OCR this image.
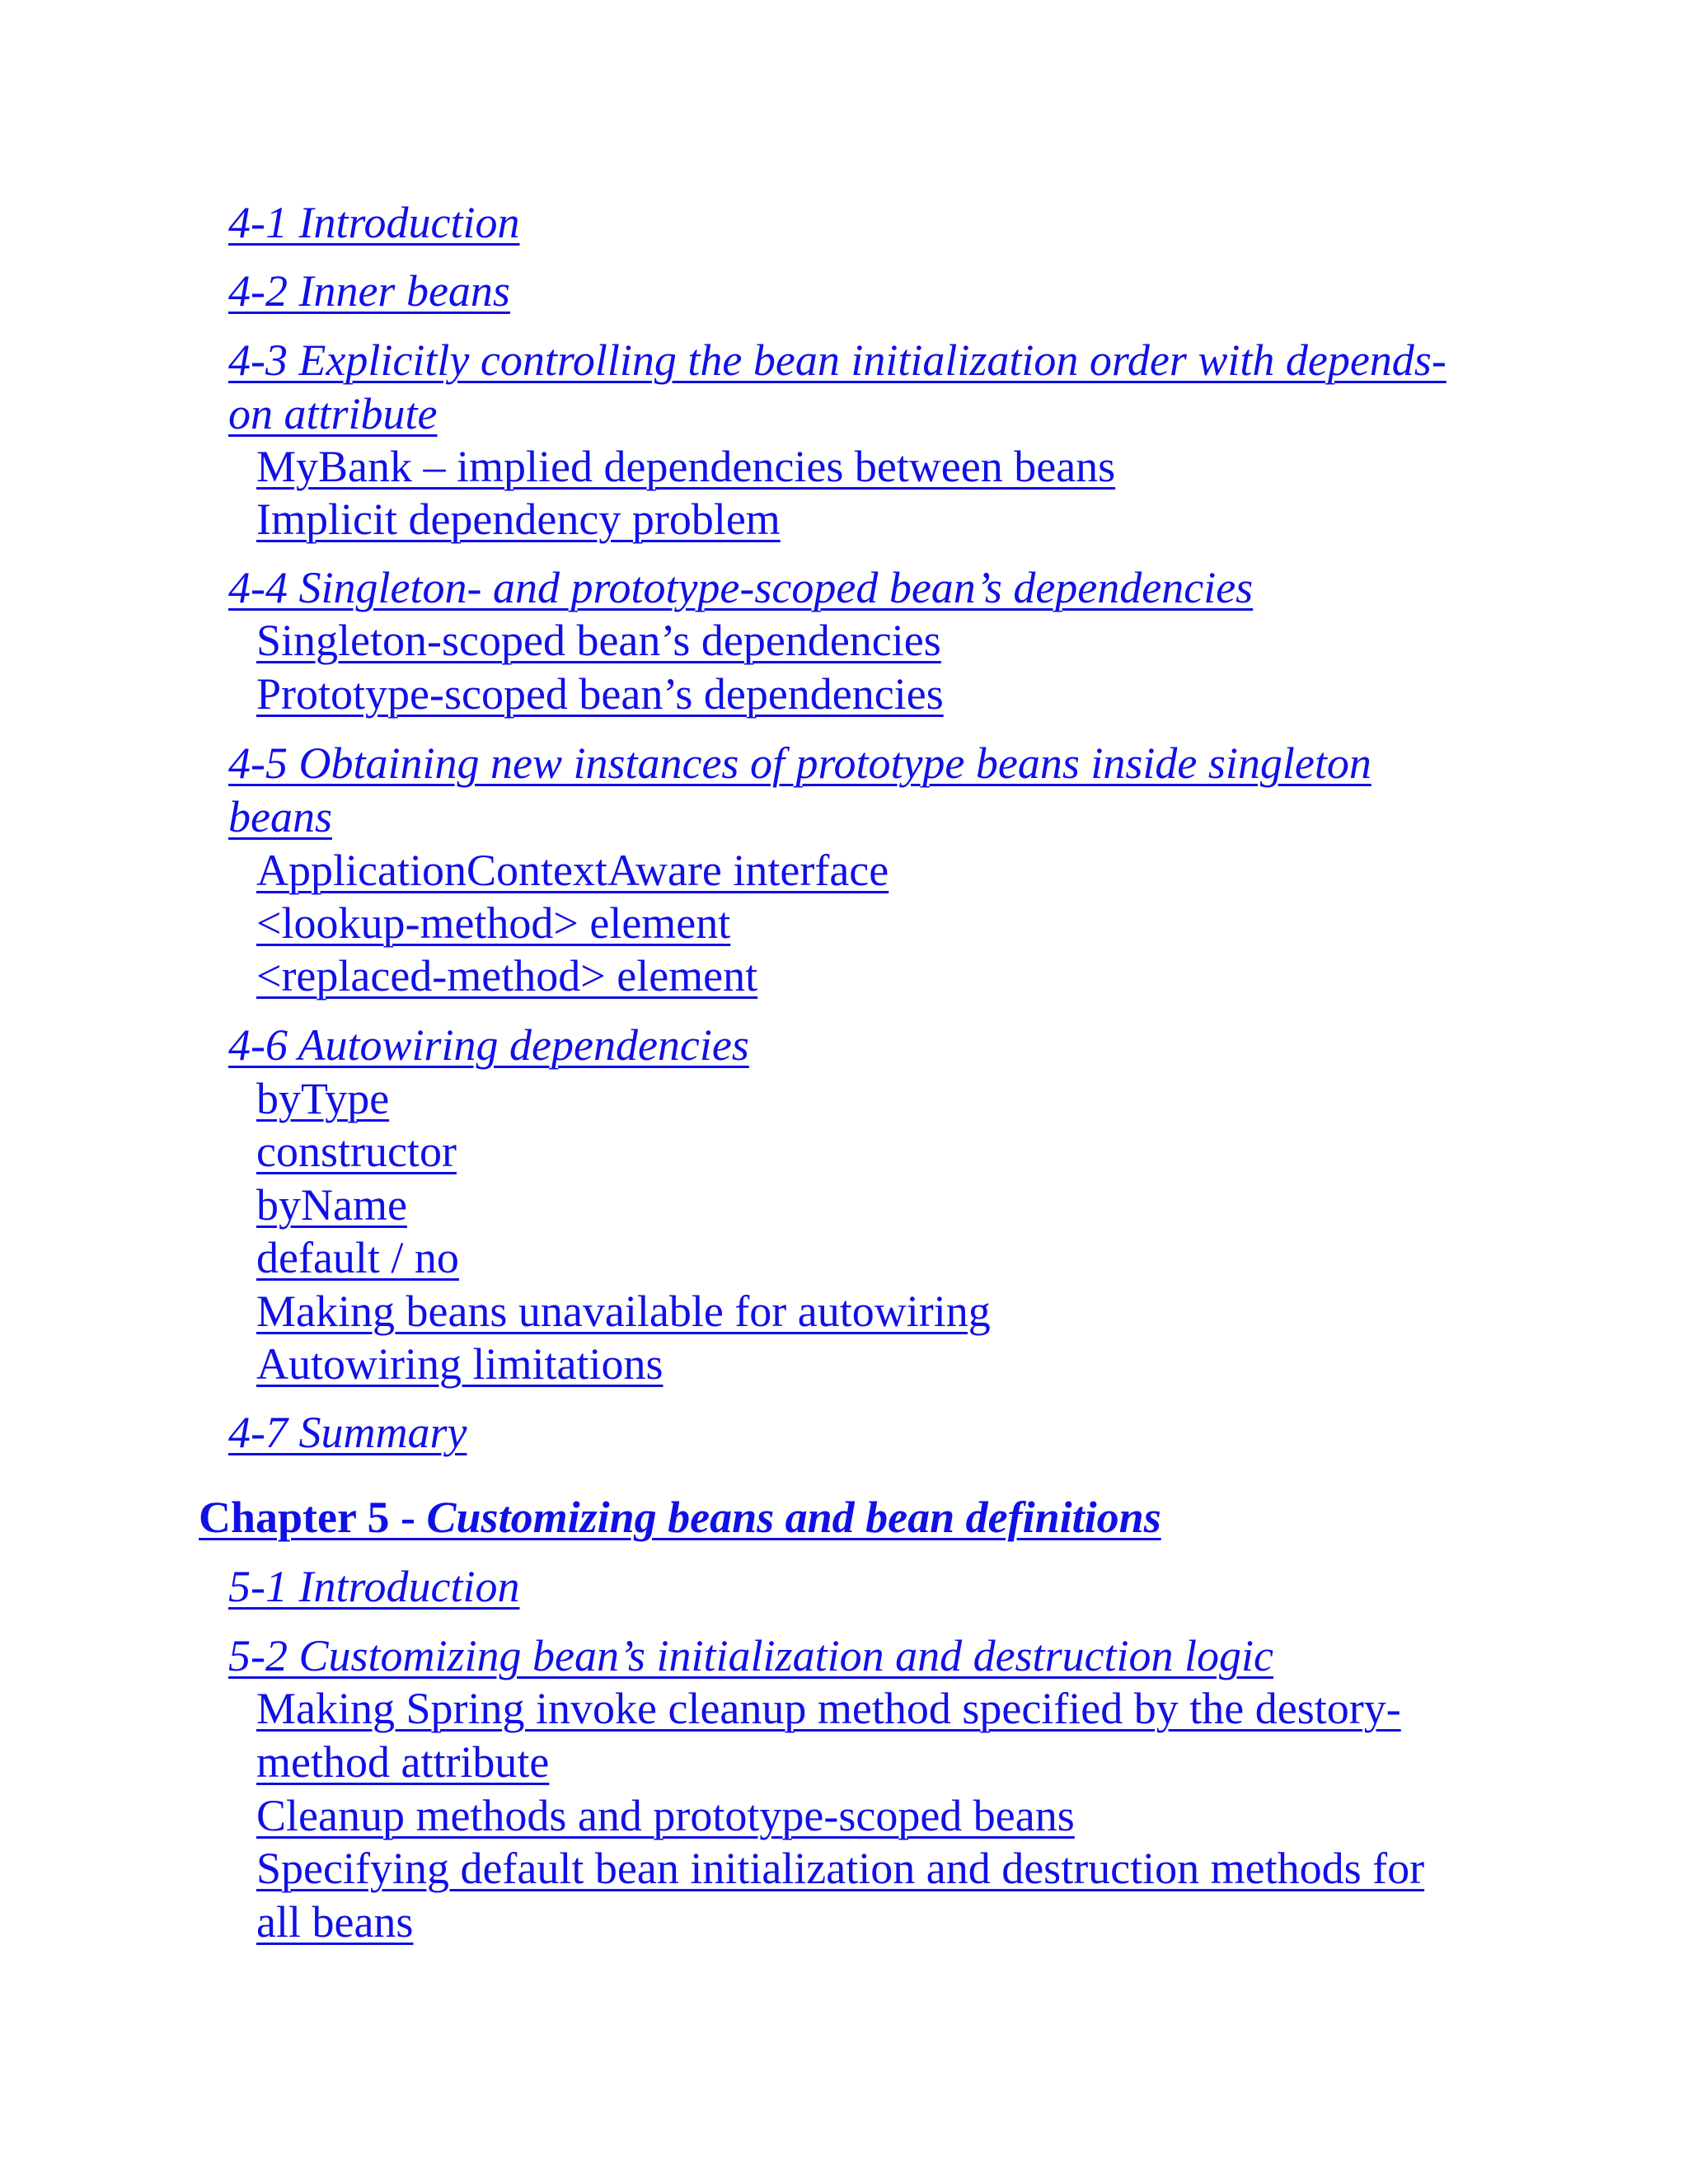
4-1 Introduction

4-2 Inner beans

4-3 Explicitly controlling the bean initialization order with depends-
on attribute

MyBank – implied dependencies between beans

Implicit dependency problem

4-4 Singleton- and prototype-scoped bean’s dependencies

Singleton-scoped bean’s dependencies

Prototype-scoped bean’s dependencies

4-5 Obtaining new instances of prototype beans inside singleton
beans

ApplicationContextAware interface

<lookup-method> element

<replaced-method> element

4-6 Autowiring dependencies

byType

constructor

byName

default / no

Making beans unavailable for autowiring

Autowiring limitations

4-7 Summary

Chapter 5 - Customizing beans and bean definitions

5-1 Introduction

5-2 Customizing bean’s initialization and destruction logic

Making Spring invoke cleanup method specified by the destory-
method attribute

Cleanup methods and prototype-scoped beans

Specifying default bean initialization and destruction methods for
all beans
